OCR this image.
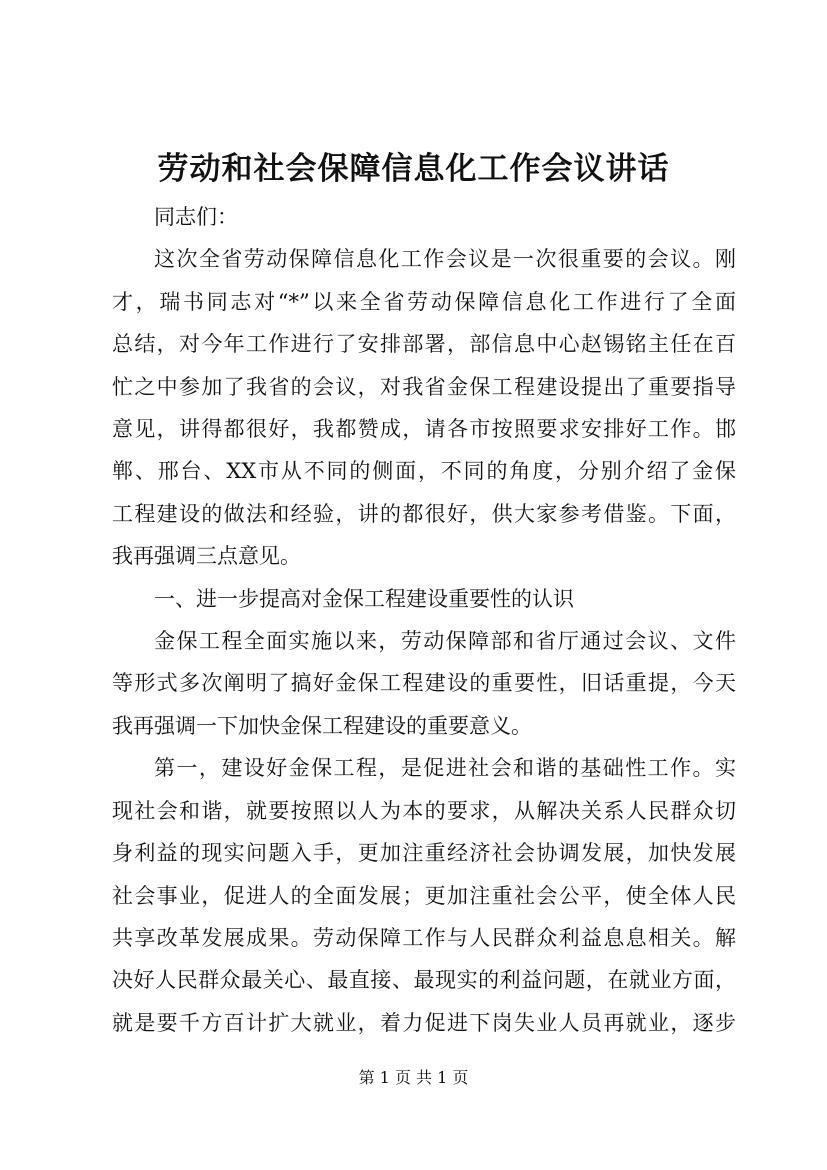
劳动和社会保障信息化工作会议讲话
同志们：
这次全省劳动保障信息化工作会议是一次很重要的会议。刚
才，瑞书同志对“*”以来全省劳动保障信息化工作进行了全面
总结，对今年工作进行了安排部署，部信息中心赵锡铭主任在百
忙之中参加了我省的会议，对我省金保工程建设提出了重要指导
意见，讲得都很好，我都赞成，请各市按照要求安排好工作。邯
郸、邢台、XX市从不同的侧面，不同的角度，分别介绍了金保
工程建设的做法和经验，讲的都很好，供大家参考借鉴。下面，
我再强调三点意见。
一、进一步提高对金保工程建设重要性的认识
金保工程全面实施以来，劳动保障部和省厅通过会议、文件
等形式多次阐明了搞好金保工程建设的重要性，旧话重提，今天
我再强调一下加快金保工程建设的重要意义。
第一，建设好金保工程，是促进社会和谐的基础性工作。实
现社会和谐，就要按照以人为本的要求，从解决关系人民群众切
身利益的现实问题入手，更加注重经济社会协调发展，加快发展
社会事业，促进人的全面发展；更加注重社会公平，使全体人民
共享改革发展成果。劳动保障工作与人民群众利益息息相关。解
决好人民群众最关心、最直接、最现实的利益问题，在就业方面，
就是要千方百计扩大就业，着力促进下岗失业人员再就业，逐步
第 1 页 共 1 页
